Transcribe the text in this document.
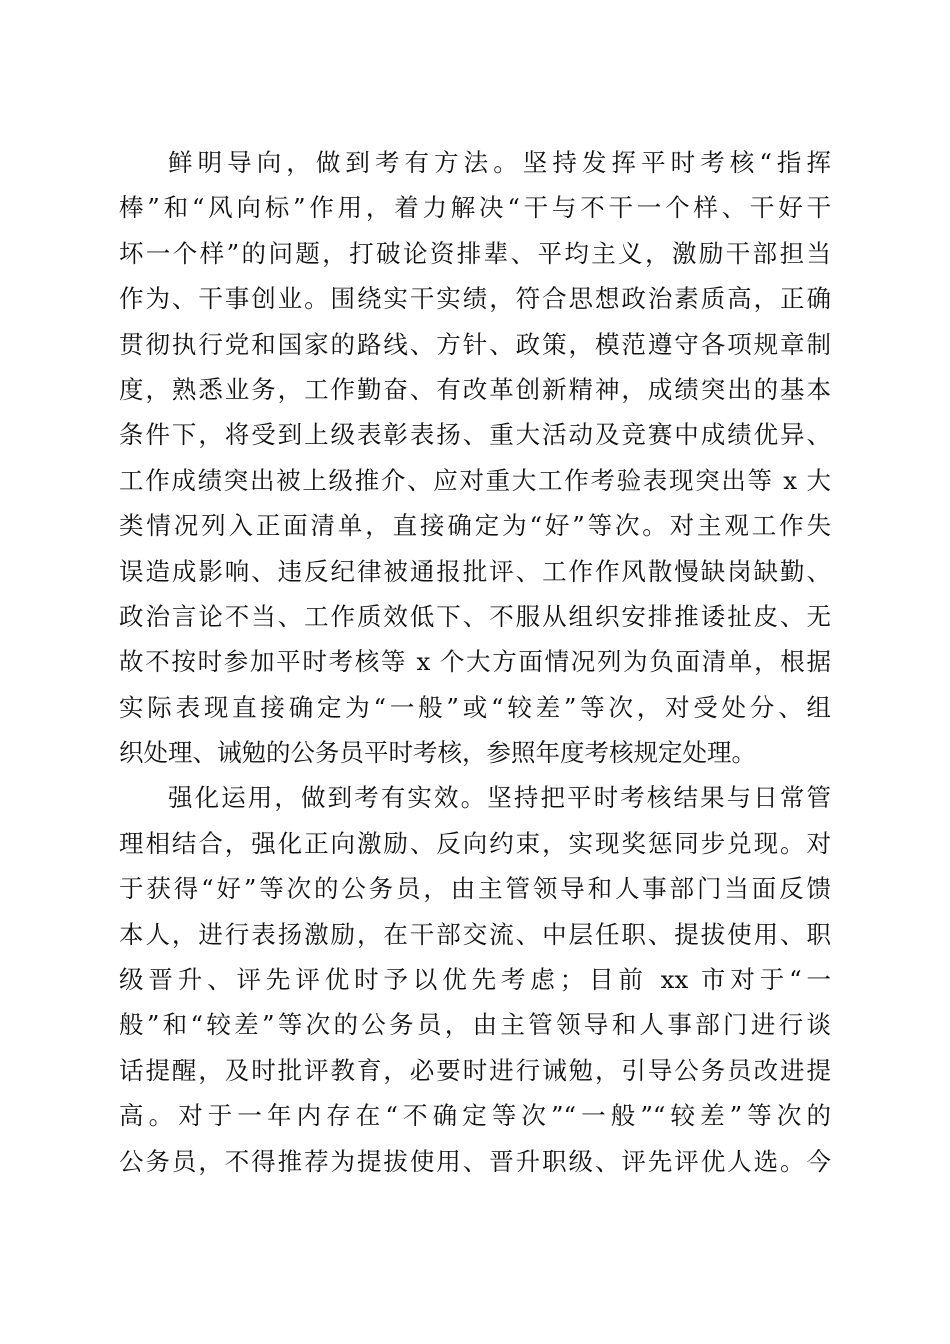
鲜明导向，做到考有方法。坚持发挥平时考核“指挥
棒”和“风向标”作用，着力解决“干与不干一个样、干好干
坏一个样”的问题，打破论资排辈、平均主义，激励干部担当
作为、干事创业。围绕实干实绩，符合思想政治素质高，正确
贯彻执行党和国家的路线、方针、政策，模范遵守各项规章制
度，熟悉业务，工作勤奋、有改革创新精神，成绩突出的基本
条件下，将受到上级表彰表扬、重大活动及竞赛中成绩优异、
工作成绩突出被上级推介、应对重大工作考验表现突出等 x 大
类情况列入正面清单，直接确定为“好”等次。对主观工作失
误造成影响、违反纪律被通报批评、工作作风散慢缺岗缺勤、
政治言论不当、工作质效低下、不服从组织安排推诿扯皮、无
故不按时参加平时考核等 x 个大方面情况列为负面清单，根据
实际表现直接确定为“一般”或“较差”等次，对受处分、组
织处理、诫勉的公务员平时考核，参照年度考核规定处理。
强化运用，做到考有实效。坚持把平时考核结果与日常管
理相结合，强化正向激励、反向约束，实现奖惩同步兑现。对
于获得“好”等次的公务员，由主管领导和人事部门当面反馈
本人，进行表扬激励，在干部交流、中层任职、提拔使用、职
级晋升、评先评优时予以优先考虑；目前 xx 市对于“一
般”和“较差”等次的公务员，由主管领导和人事部门进行谈
话提醒，及时批评教育，必要时进行诫勉，引导公务员改进提
高。对于一年内存在“不确定等次”“一般”“较差”等次的
公务员，不得推荐为提拔使用、晋升职级、评先评优人选。今
